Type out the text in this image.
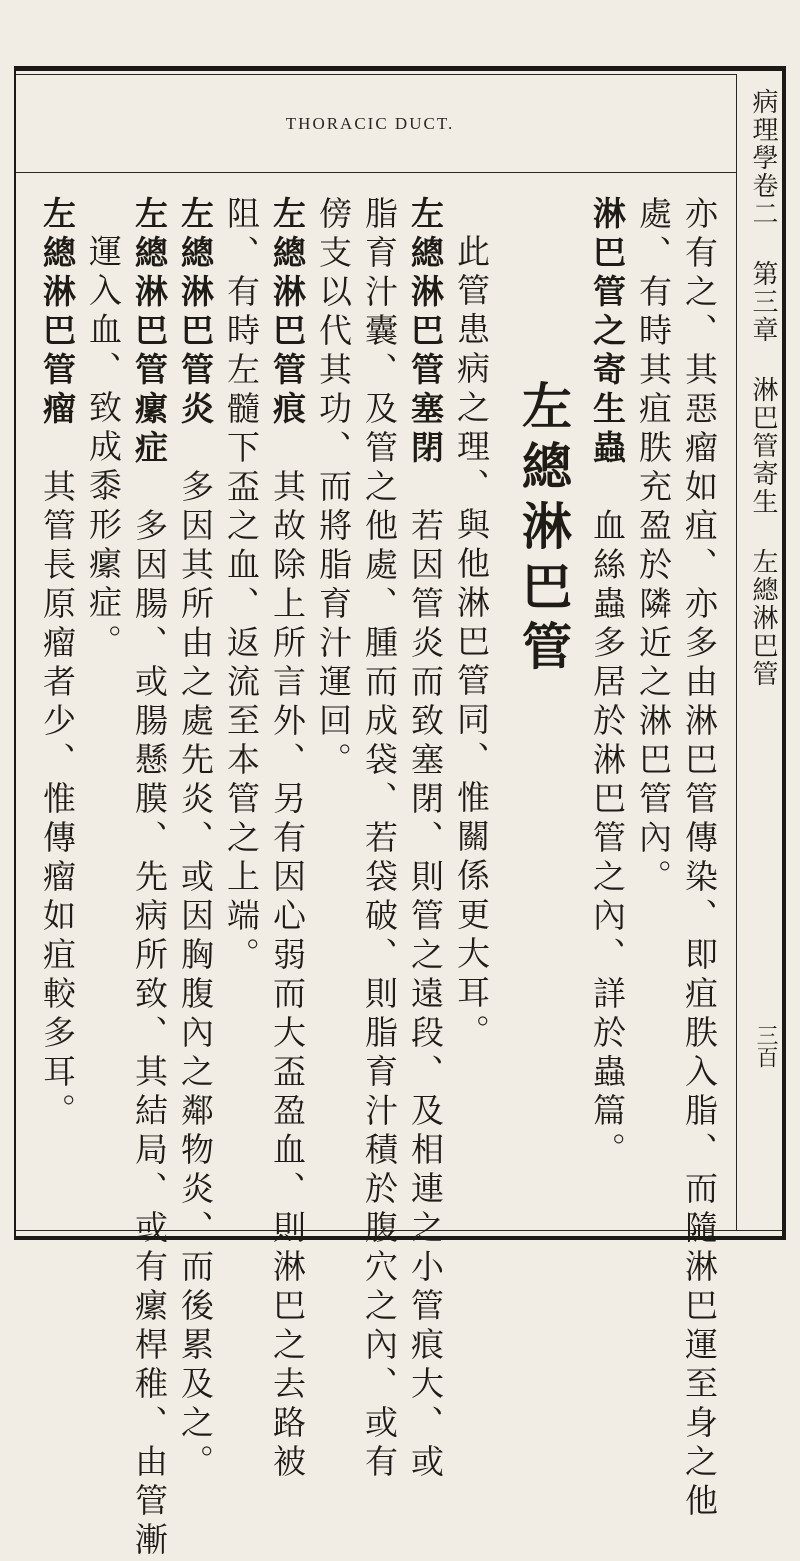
THORACIC DUCT.	病理學卷二 第三章 淋巴管寄生 左總淋巴管
三百
亦有之、其惡瘤如疽、亦多由淋巴管傳染、即疽胅入脂、而隨淋巴運至身之他
處、有時其疽胅充盈於隣近之淋巴管內。
淋巴管之寄生蟲　血絲蟲多居於淋巴管之內、詳於蟲篇。
左總淋巴管
此管患病之理、與他淋巴管同、惟關係更大耳。
左總淋巴管塞閉　若因管炎而致塞閉、則管之遠段、及相連之小管痕大、或
脂育汁囊、及管之他處、腫而成袋、若袋破、則脂育汁積於腹穴之內、或有
傍支以代其功、而將脂育汁運回。
左總淋巴管痕　其故除上所言外、另有因心弱而大盃盈血、則淋巴之去路被
阻、有時左髓下盃之血、返流至本管之上端。
左總淋巴管炎　多因其所由之處先炎、或因胸腹內之鄰物炎、而後累及之。
左總淋巴管瘰症　多因腸、或腸懸膜、先病所致、其結局、或有瘰桿稚、由管漸
運入血、致成黍形瘰症。
左總淋巴管瘤　其管長原瘤者少、惟傳瘤如疽較多耳。
